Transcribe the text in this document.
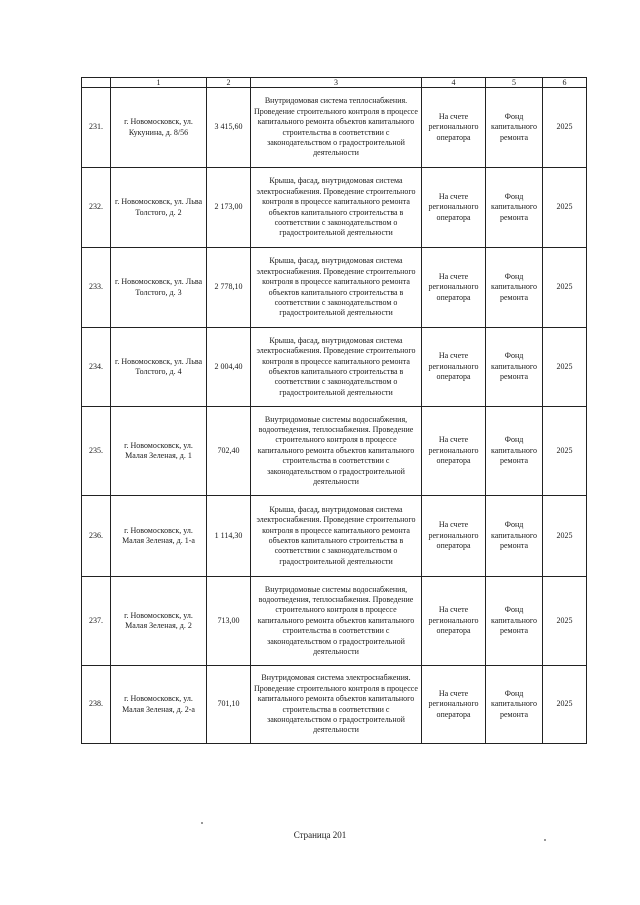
	1	2	3	4	5	6
231.	г. Новомосковск, ул. Кукунина, д. 8/56	3 415,60	Внутридомовая система теплоснабжения. Проведение строительного контроля в процессе капитального ремонта объектов капитального строительства в соответствии с законодательством о градостроительной деятельности	На счете регионального оператора	Фонд капитального ремонта	2025
232.	г. Новомосковск, ул. Льва Толстого, д. 2	2 173,00	Крыша, фасад, внутридомовая система электроснабжения. Проведение строительного контроля в процессе капитального ремонта объектов капитального строительства в соответствии с законодательством о градостроительной деятельности	На счете регионального оператора	Фонд капитального ремонта	2025
233.	г. Новомосковск, ул. Льва Толстого, д. 3	2 778,10	Крыша, фасад, внутридомовая система электроснабжения. Проведение строительного контроля в процессе капитального ремонта объектов капитального строительства в соответствии с законодательством о градостроительной деятельности	На счете регионального оператора	Фонд капитального ремонта	2025
234.	г. Новомосковск, ул. Льва Толстого, д. 4	2 004,40	Крыша, фасад, внутридомовая система электроснабжения. Проведение строительного контроля в процессе капитального ремонта объектов капитального строительства в соответствии с законодательством о градостроительной деятельности	На счете регионального оператора	Фонд капитального ремонта	2025
235.	г. Новомосковск, ул. Малая Зеленая, д. 1	702,40	Внутридомовые системы водоснабжения, водоотведения, теплоснабжения. Проведение строительного контроля в процессе капитального ремонта объектов капитального строительства в соответствии с законодательством о градостроительной деятельности	На счете регионального оператора	Фонд капитального ремонта	2025
236.	г. Новомосковск, ул. Малая Зеленая, д. 1-а	1 114,30	Крыша, фасад, внутридомовая система электроснабжения. Проведение строительного контроля в процессе капитального ремонта объектов капитального строительства в соответствии с законодательством о градостроительной деятельности	На счете регионального оператора	Фонд капитального ремонта	2025
237.	г. Новомосковск, ул. Малая Зеленая, д. 2	713,00	Внутридомовые системы водоснабжения, водоотведения, теплоснабжения. Проведение строительного контроля в процессе капитального ремонта объектов капитального строительства в соответствии с законодательством о градостроительной деятельности	На счете регионального оператора	Фонд капитального ремонта	2025
238.	г. Новомосковск, ул. Малая Зеленая, д. 2-а	701,10	Внутридомовая система электроснабжения. Проведение строительного контроля в процессе капитального ремонта объектов капитального строительства в соответствии с законодательством о градостроительной деятельности	На счете регионального оператора	Фонд капитального ремонта	2025
Страница 201
